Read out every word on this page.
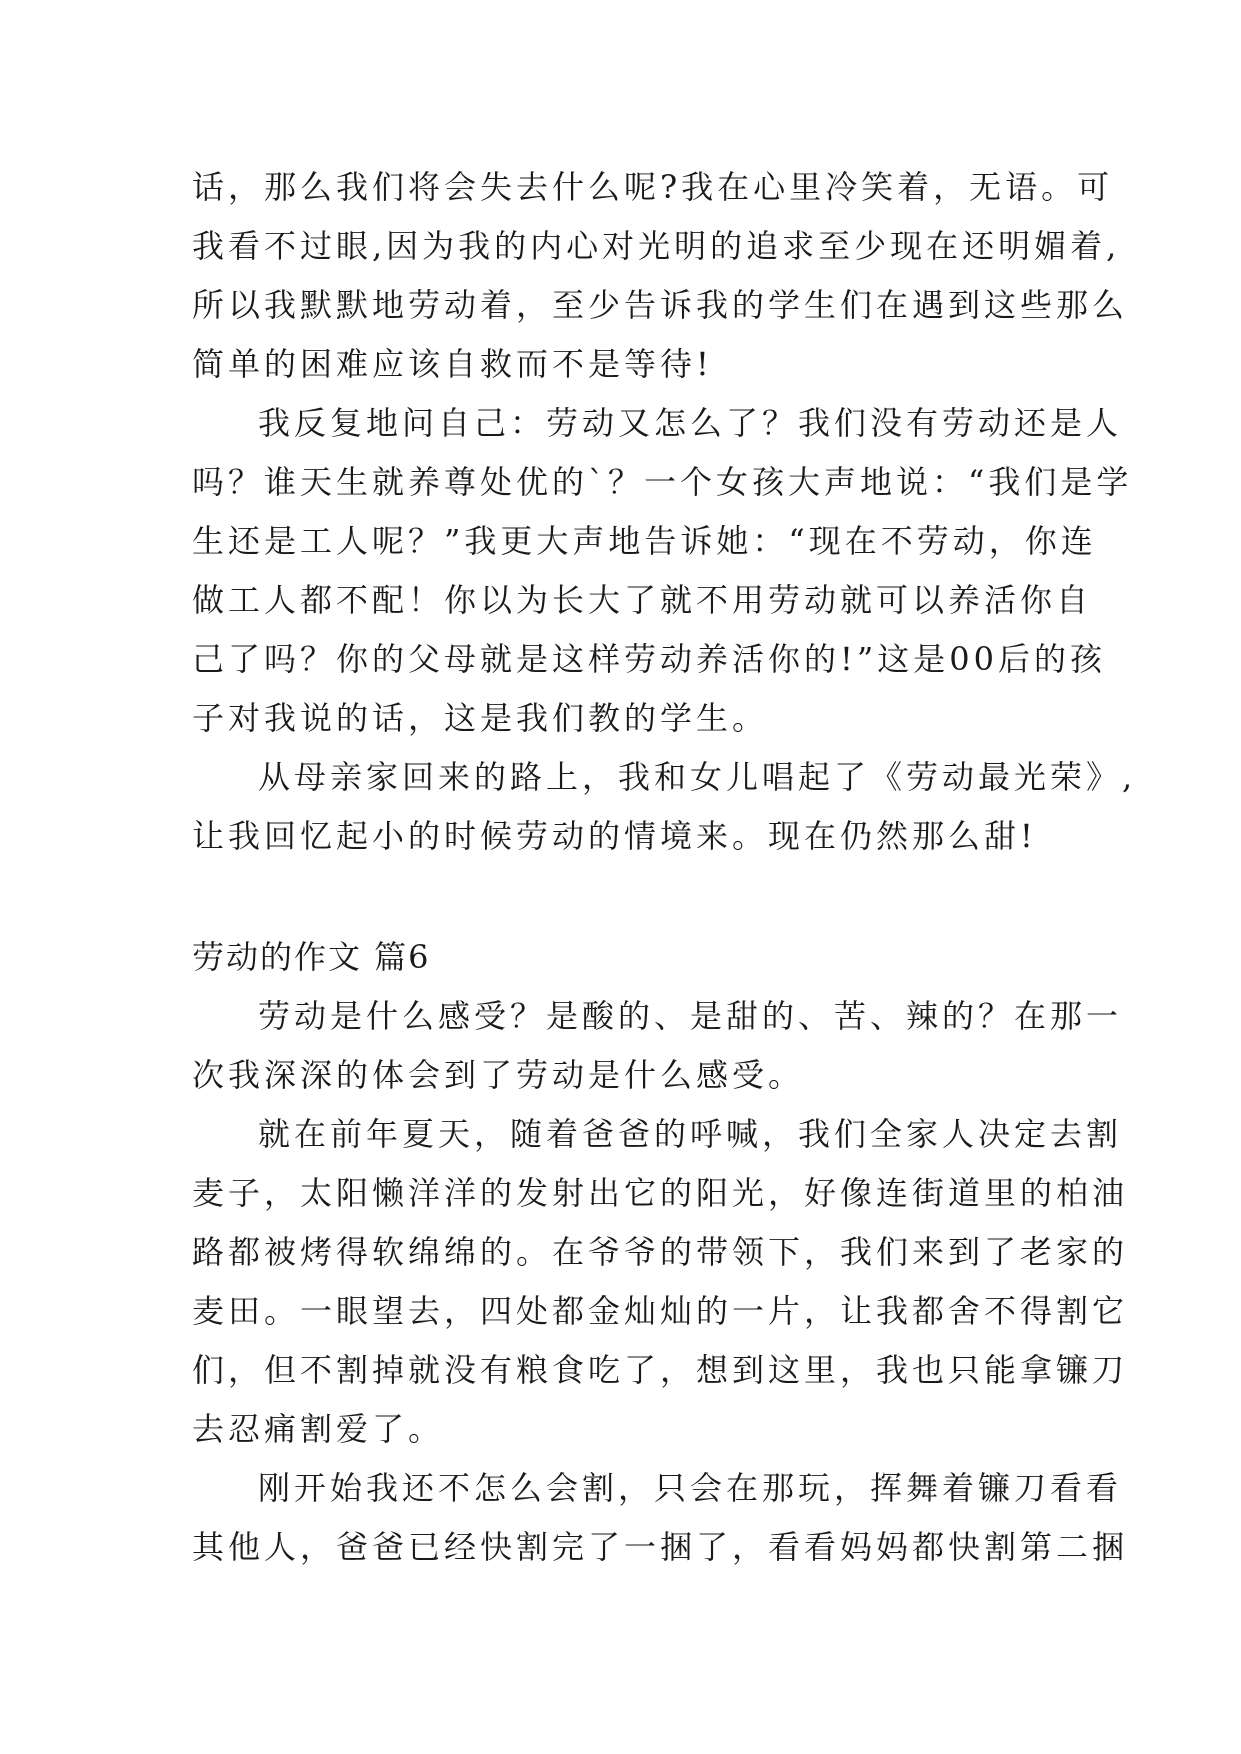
话，那么我们将会失去什么呢?我在心里冷笑着，无语。可
我看不过眼,因为我的内心对光明的追求至少现在还明媚着,
所以我默默地劳动着，至少告诉我的学生们在遇到这些那么
简单的困难应该自救而不是等待!
我反复地问自己：劳动又怎么了？我们没有劳动还是人
吗？谁天生就养尊处优的`？一个女孩大声地说：“我们是学
生还是工人呢？”我更大声地告诉她：“现在不劳动，你连
做工人都不配！你以为长大了就不用劳动就可以养活你自
己了吗？你的父母就是这样劳动养活你的!”这是00后的孩
子对我说的话，这是我们教的学生。
从母亲家回来的路上，我和女儿唱起了《劳动最光荣》,
让我回忆起小的时候劳动的情境来。现在仍然那么甜!
劳动的作文 篇6
劳动是什么感受？是酸的、是甜的、苦、辣的？在那一
次我深深的体会到了劳动是什么感受。
就在前年夏天，随着爸爸的呼喊，我们全家人决定去割
麦子，太阳懒洋洋的发射出它的阳光，好像连街道里的柏油
路都被烤得软绵绵的。在爷爷的带领下，我们来到了老家的
麦田。一眼望去，四处都金灿灿的一片，让我都舍不得割它
们，但不割掉就没有粮食吃了，想到这里，我也只能拿镰刀
去忍痛割爱了。
刚开始我还不怎么会割，只会在那玩，挥舞着镰刀看看
其他人，爸爸已经快割完了一捆了，看看妈妈都快割第二捆
